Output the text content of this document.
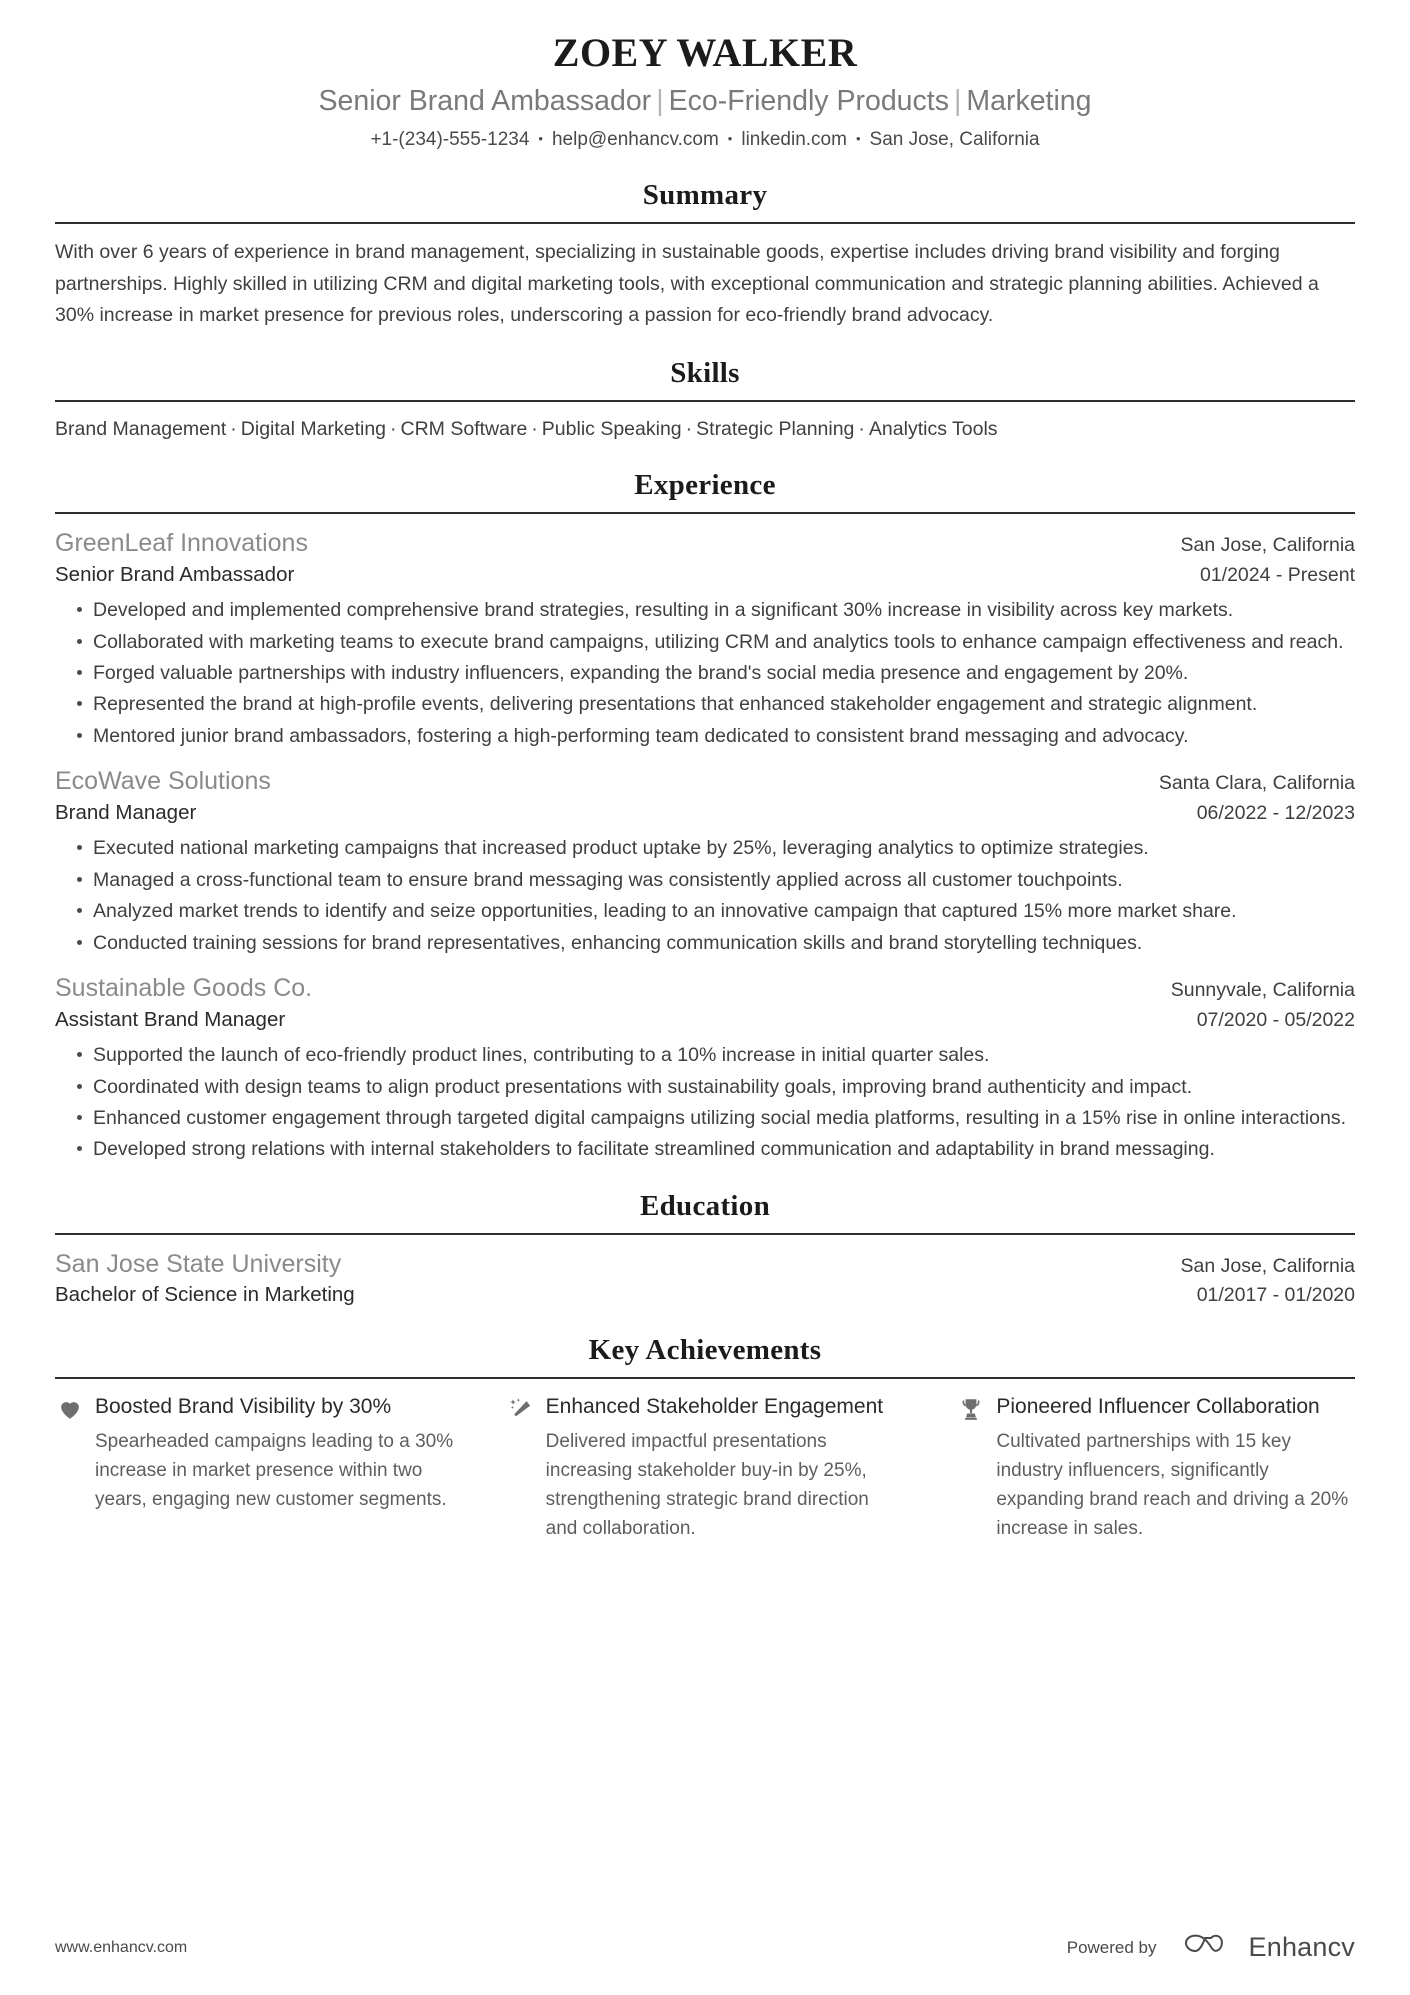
ZOEY WALKER
Senior Brand Ambassador | Eco-Friendly Products | Marketing
+1-(234)-555-1234 • help@enhancv.com • linkedin.com • San Jose, California
Summary

With over 6 years of experience in brand management, specializing in sustainable goods, expertise includes driving brand visibility and forging partnerships. Highly skilled in utilizing CRM and digital marketing tools, with exceptional communication and strategic planning abilities. Achieved a 30% increase in market presence for previous roles, underscoring a passion for eco-friendly brand advocacy.

Skills
Brand Management · Digital Marketing · CRM Software · Public Speaking · Strategic Planning · Analytics Tools
Experience
GreenLeaf Innovations	San Jose, California
Senior Brand Ambassador	01/2024 - Present
Developed and implemented comprehensive brand strategies, resulting in a significant 30% increase in visibility across key markets.
Collaborated with marketing teams to execute brand campaigns, utilizing CRM and analytics tools to enhance campaign effectiveness and reach.
Forged valuable partnerships with industry influencers, expanding the brand's social media presence and engagement by 20%.
Represented the brand at high-profile events, delivering presentations that enhanced stakeholder engagement and strategic alignment.
Mentored junior brand ambassadors, fostering a high-performing team dedicated to consistent brand messaging and advocacy.
EcoWave Solutions	Santa Clara, California
Brand Manager	06/2022 - 12/2023
Executed national marketing campaigns that increased product uptake by 25%, leveraging analytics to optimize strategies.
Managed a cross-functional team to ensure brand messaging was consistently applied across all customer touchpoints.
Analyzed market trends to identify and seize opportunities, leading to an innovative campaign that captured 15% more market share.
Conducted training sessions for brand representatives, enhancing communication skills and brand storytelling techniques.
Sustainable Goods Co.	Sunnyvale, California
Assistant Brand Manager	07/2020 - 05/2022
Supported the launch of eco-friendly product lines, contributing to a 10% increase in initial quarter sales.
Coordinated with design teams to align product presentations with sustainability goals, improving brand authenticity and impact.
Enhanced customer engagement through targeted digital campaigns utilizing social media platforms, resulting in a 15% rise in online interactions.
Developed strong relations with internal stakeholders to facilitate streamlined communication and adaptability in brand messaging.
Education
San Jose State University	San Jose, California
Bachelor of Science in Marketing	01/2017 - 01/2020
Key Achievements
Boosted Brand Visibility by 30%
Spearheaded campaigns leading to a 30% increase in market presence within two years, engaging new customer segments.
Enhanced Stakeholder Engagement
Delivered impactful presentations increasing stakeholder buy-in by 25%, strengthening strategic brand direction and collaboration.
Pioneered Influencer Collaboration
Cultivated partnerships with 15 key industry influencers, significantly expanding brand reach and driving a 20% increase in sales.
www.enhancv.com	Powered by	Enhancv
